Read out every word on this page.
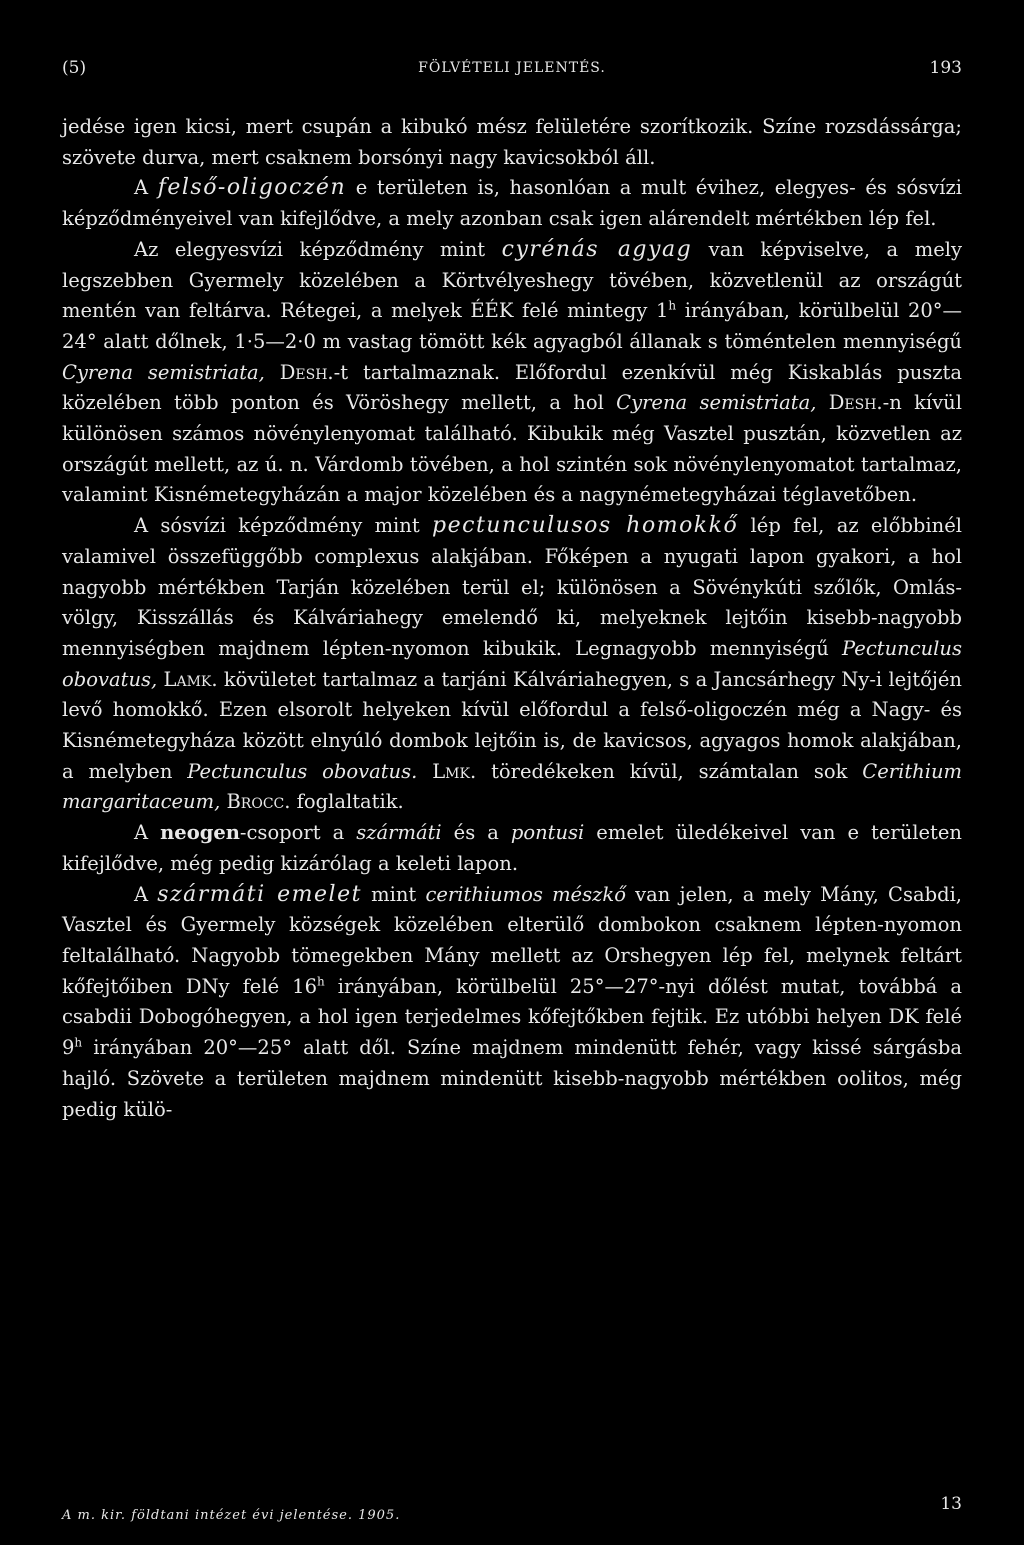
(5)	FÖLVÉTELI JELENTÉS.	193

jedése igen kicsi, mert csupán a kibukó mész felületére szorítkozik. Színe rozsdássárga; szövete durva, mert csaknem borsónyi nagy kavicsokból áll.

A felső-oligoczén e területen is, hasonlóan a mult évihez, elegyes- és sósvízi képződményeivel van kifejlődve, a mely azonban csak igen alárendelt mértékben lép fel.

Az elegyesvízi képződmény mint cyrénás agyag van képviselve, a mely legszebben Gyermely közelében a Körtvélyeshegy tövében, közvetlenül az országút mentén van feltárva. Rétegei, a melyek ÉÉK felé mintegy 1$^h$ irányában, körülbelül 20°—24° alatt dőlnek, 1·5—2·0 m vastag tömött kék agyagból állanak s töméntelen mennyiségű Cyrena semistriata, Desh.-t tartalmaznak. Előfordul ezenkívül még Kiskablás puszta közelében több ponton és Vöröshegy mellett, a hol Cyrena semistriata, Desh.-n kívül különösen számos növénylenyomat található. Kibukik még Vasztel pusztán, közvetlen az országút mellett, az ú. n. Várdomb tövében, a hol szintén sok növénylenyomatot tartalmaz, valamint Kisnémetegyházán a major közelében és a nagynémetegyházai téglavetőben.

A sósvízi képződmény mint pectunculusos homokkő lép fel, az előbbinél valamivel összefüggőbb complexus alakjában. Főképen a nyugati lapon gyakori, a hol nagyobb mértékben Tarján közelében terül el; különösen a Sövénykúti szőlők, Omlás-völgy, Kisszállás és Kálváriahegy emelendő ki, melyeknek lejtőin kisebb-nagyobb mennyiségben majdnem lépten-nyomon kibukik. Legnagyobb mennyiségű Pectunculus obovatus, Lamk. kövületet tartalmaz a tarjáni Kálváriahegyen, s a Jancsárhegy Ny-i lejtőjén levő homokkő. Ezen elsorolt helyeken kívül előfordul a felső-oligoczén még a Nagy- és Kisnémetegyháza között elnyúló dombok lejtőin is, de kavicsos, agyagos homok alakjában, a melyben Pectunculus obovatus. Lmk. töredékeken kívül, számtalan sok Cerithium margaritaceum, Brocc. foglaltatik.

A neogen-csoport a szármáti és a pontusi emelet üledékeivel van e területen kifejlődve, még pedig kizárólag a keleti lapon.

A szármáti emelet mint cerithiumos mészkő van jelen, a mely Mány, Csabdi, Vasztel és Gyermely községek közelében elterülő dombokon csaknem lépten-nyomon feltalálható. Nagyobb tömegekben Mány mellett az Orshegyen lép fel, melynek feltárt kőfejtőiben DNy felé 16$^h$ irányában, körülbelül 25°—27°-nyi dőlést mutat, továbbá a csabdii Dobogóhegyen, a hol igen terjedelmes kőfejtőkben fejtik. Ez utóbbi helyen DK felé 9$^h$ irányában 20°—25° alatt dől. Színe majdnem mindenütt fehér, vagy kissé sárgásba hajló. Szövete a területen majdnem mindenütt kisebb-nagyobb mértékben oolitos, még pedig külö-

A m. kir. földtani intézet évi jelentése. 1905.
13
